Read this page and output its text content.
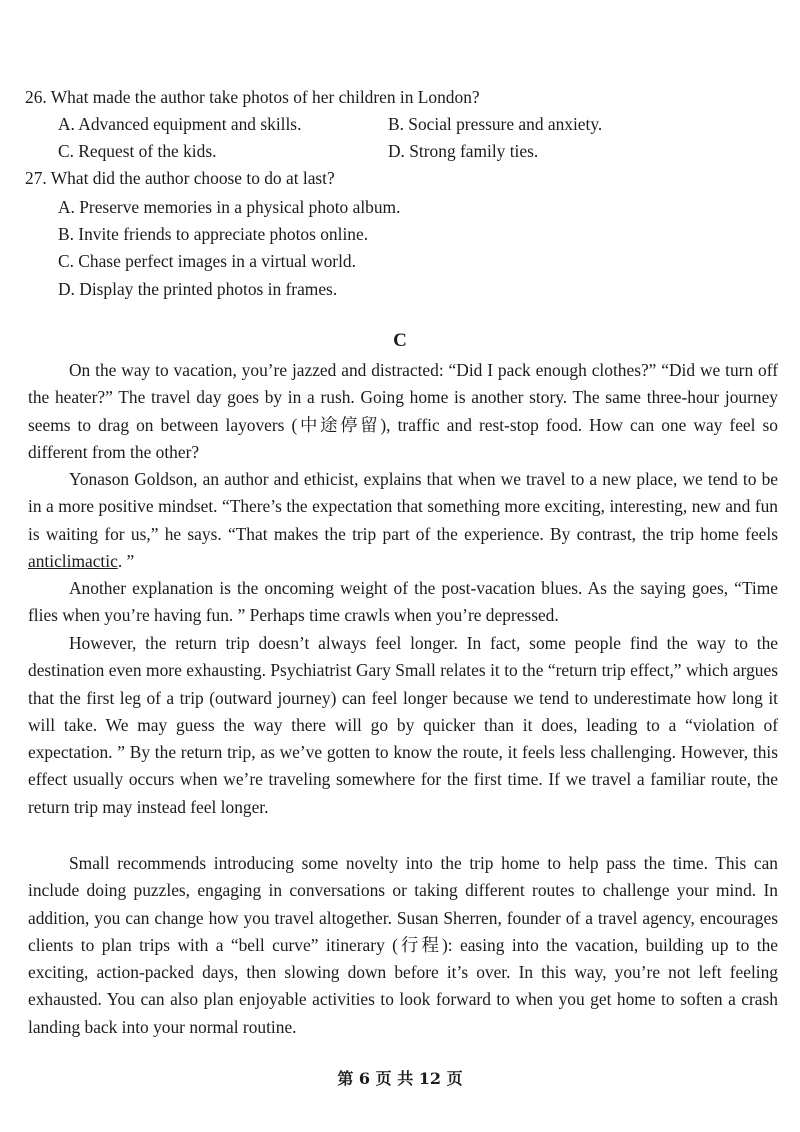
26. What made the author take photos of her children in London?
A. Advanced equipment and skills.	B. Social pressure and anxiety.
C. Request of the kids.	D. Strong family ties.
27. What did the author choose to do at last?
A. Preserve memories in a physical photo album.
B. Invite friends to appreciate photos online.
C. Chase perfect images in a virtual world.
D. Display the printed photos in frames.
C

On the way to vacation, you’re jazzed and distracted: “Did I pack enough clothes?” “Did we turn off the heater?” The travel day goes by in a rush. Going home is another story. The same three-hour journey seems to drag on between layovers (中途停留), traffic and rest-stop food. How can one way feel so different from the other?

Yonason Goldson, an author and ethicist, explains that when we travel to a new place, we tend to be in a more positive mindset. “There’s the expectation that something more exciting, interesting, new and fun is waiting for us,” he says. “That makes the trip part of the experience. By contrast, the trip home feels anticlimactic. ”

Another explanation is the oncoming weight of the post-vacation blues. As the saying goes, “Time flies when you’re having fun. ” Perhaps time crawls when you’re depressed.

However, the return trip doesn’t always feel longer. In fact, some people find the way to the destination even more exhausting. Psychiatrist Gary Small relates it to the “return trip effect,” which argues that the first leg of a trip (outward journey) can feel longer because we tend to underestimate how long it will take. We may guess the way there will go by quicker than it does, leading to a “violation of expectation. ” By the return trip, as we’ve gotten to know the route, it feels less challenging. However, this effect usually occurs when we’re traveling somewhere for the first time. If we travel a familiar route, the return trip may instead feel longer.

Small recommends introducing some novelty into the trip home to help pass the time. This can include doing puzzles, engaging in conversations or taking different routes to challenge your mind. In addition, you can change how you travel altogether. Susan Sherren, founder of a travel agency, encourages clients to plan trips with a “bell curve” itinerary (行程): easing into the vacation, building up to the exciting, action-packed days, then slowing down before it’s over. In this way, you’re not left feeling exhausted. You can also plan enjoyable activities to look forward to when you get home to soften a crash landing back into your normal routine.

第 6 页 共 12 页
